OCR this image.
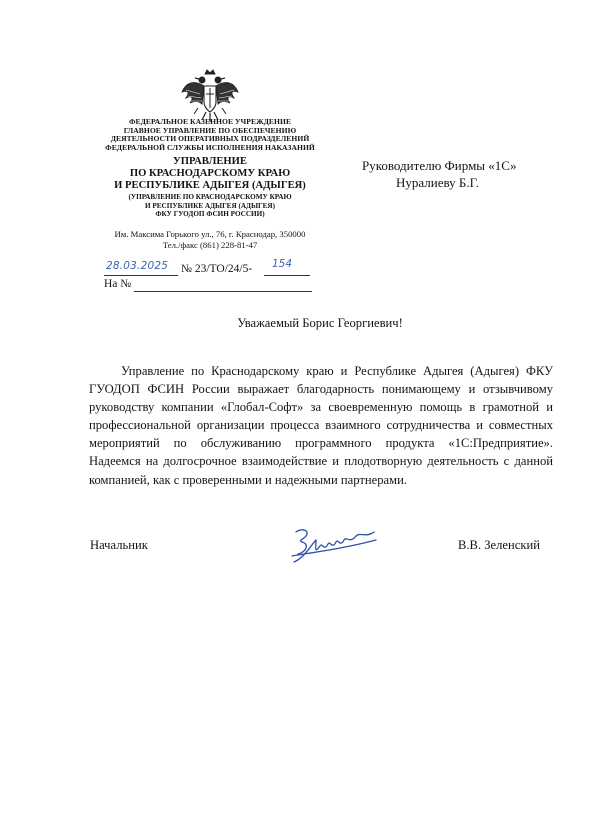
ФЕДЕРАЛЬНОЕ КАЗЕННОЕ УЧРЕЖДЕНИЕ
ГЛАВНОЕ УПРАВЛЕНИЕ ПО ОБЕСПЕЧЕНИЮ
ДЕЯТЕЛЬНОСТИ ОПЕРАТИВНЫХ ПОДРАЗДЕЛЕНИЙ
ФЕДЕРАЛЬНОЙ СЛУЖБЫ ИСПОЛНЕНИЯ НАКАЗАНИЙ
УПРАВЛЕНИЕ
ПО КРАСНОДАРСКОМУ КРАЮ
И РЕСПУБЛИКЕ АДЫГЕЯ (АДЫГЕЯ)
(УПРАВЛЕНИЕ ПО КРАСНОДАРСКОМУ КРАЮ
И РЕСПУБЛИКЕ АДЫГЕЯ (АДЫГЕЯ)
ФКУ ГУОДОП ФСИН РОССИИ)
Им. Максима Горького ул., 76, г. Краснодар, 350000
Тел./факс (861) 228-81-47
28.03.2025 № 23/ТО/24/5- 154
На №
Руководителю Фирмы «1С»
Нуралиеву Б.Г.
Уважаемый Борис Георгиевич!

Управление по Краснодарскому краю и Республике Адыгея (Адыгея) ФКУ ГУОДОП ФСИН России выражает благодарность понимающему и отзывчивому руководству компании «Глобал-Софт» за своевременную помощь в грамотной и профессиональной организации процесса взаимного сотрудничества и совместных мероприятий по обслуживанию программного продукта «1С:Предприятие». Надеемся на долгосрочное взаимодействие и плодотворную деятельность с данной компанией, как с проверенными и надежными партнерами.

Начальник	В.В. Зеленский
